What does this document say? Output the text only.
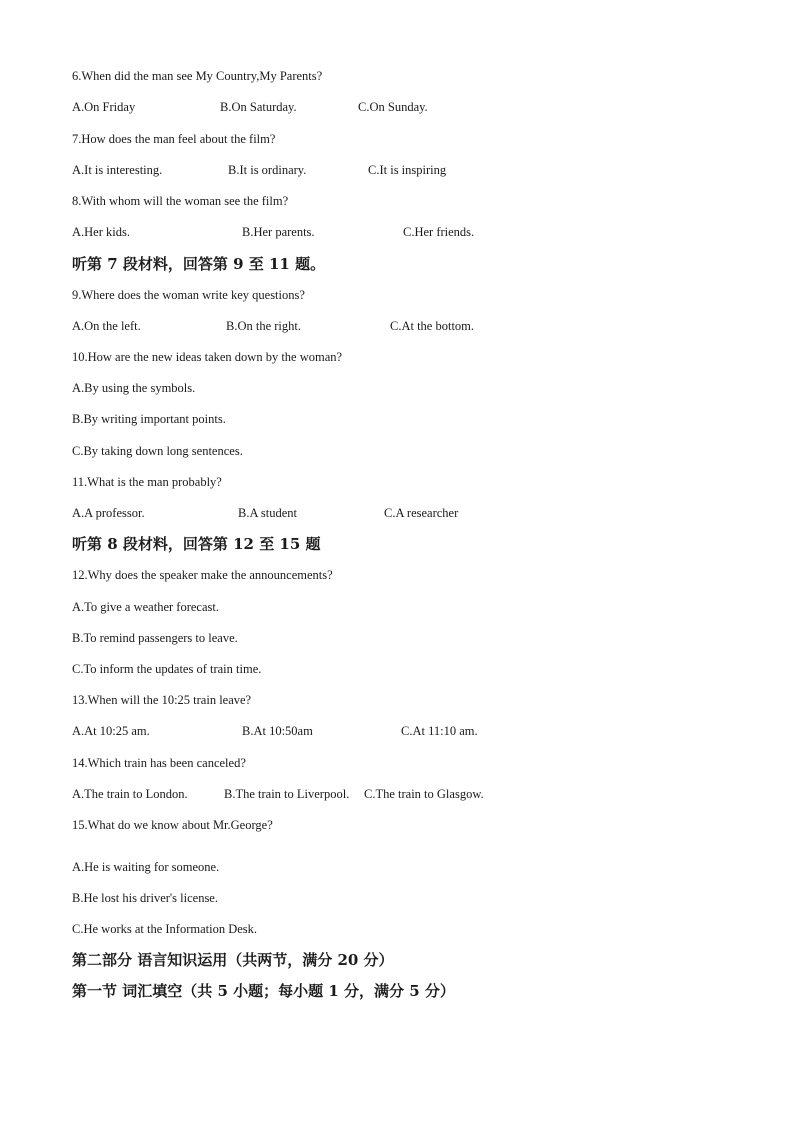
6.When did the man see My Country,My Parents?
A.On Friday	B.On Saturday.	C.On Sunday.
7.How does the man feel about the film?
A.It is interesting.	B.It is ordinary.	C.It is inspiring
8.With whom will the woman see the film?
A.Her kids.	B.Her parents.	C.Her friends.
听第 7 段材料，回答第 9 至 11 题。
9.Where does the woman write key questions?
A.On the left.	B.On the right.	C.At the bottom.
10.How are the new ideas taken down by the woman?
A.By using the symbols.
B.By writing important points.
C.By taking down long sentences.
11.What is the man probably?
A.A professor.	B.A student	C.A researcher
听第 8 段材料，回答第 12 至 15 题
12.Why does the speaker make the announcements?
A.To give a weather forecast.
B.To remind passengers to leave.
C.To inform the updates of train time.
13.When will the 10:25 train leave?
A.At 10:25 am.	B.At 10:50am	C.At 11:10 am.
14.Which train has been canceled?
A.The train to London.	B.The train to Liverpool. C.The train to Glasgow.
15.What do we know about Mr.George?
A.He is waiting for someone.
B.He lost his driver's license.
C.He works at the Information Desk.
第二部分 语言知识运用（共两节，满分 20 分）
第一节 词汇填空（共 5 小题；每小题 1 分，满分 5 分）
